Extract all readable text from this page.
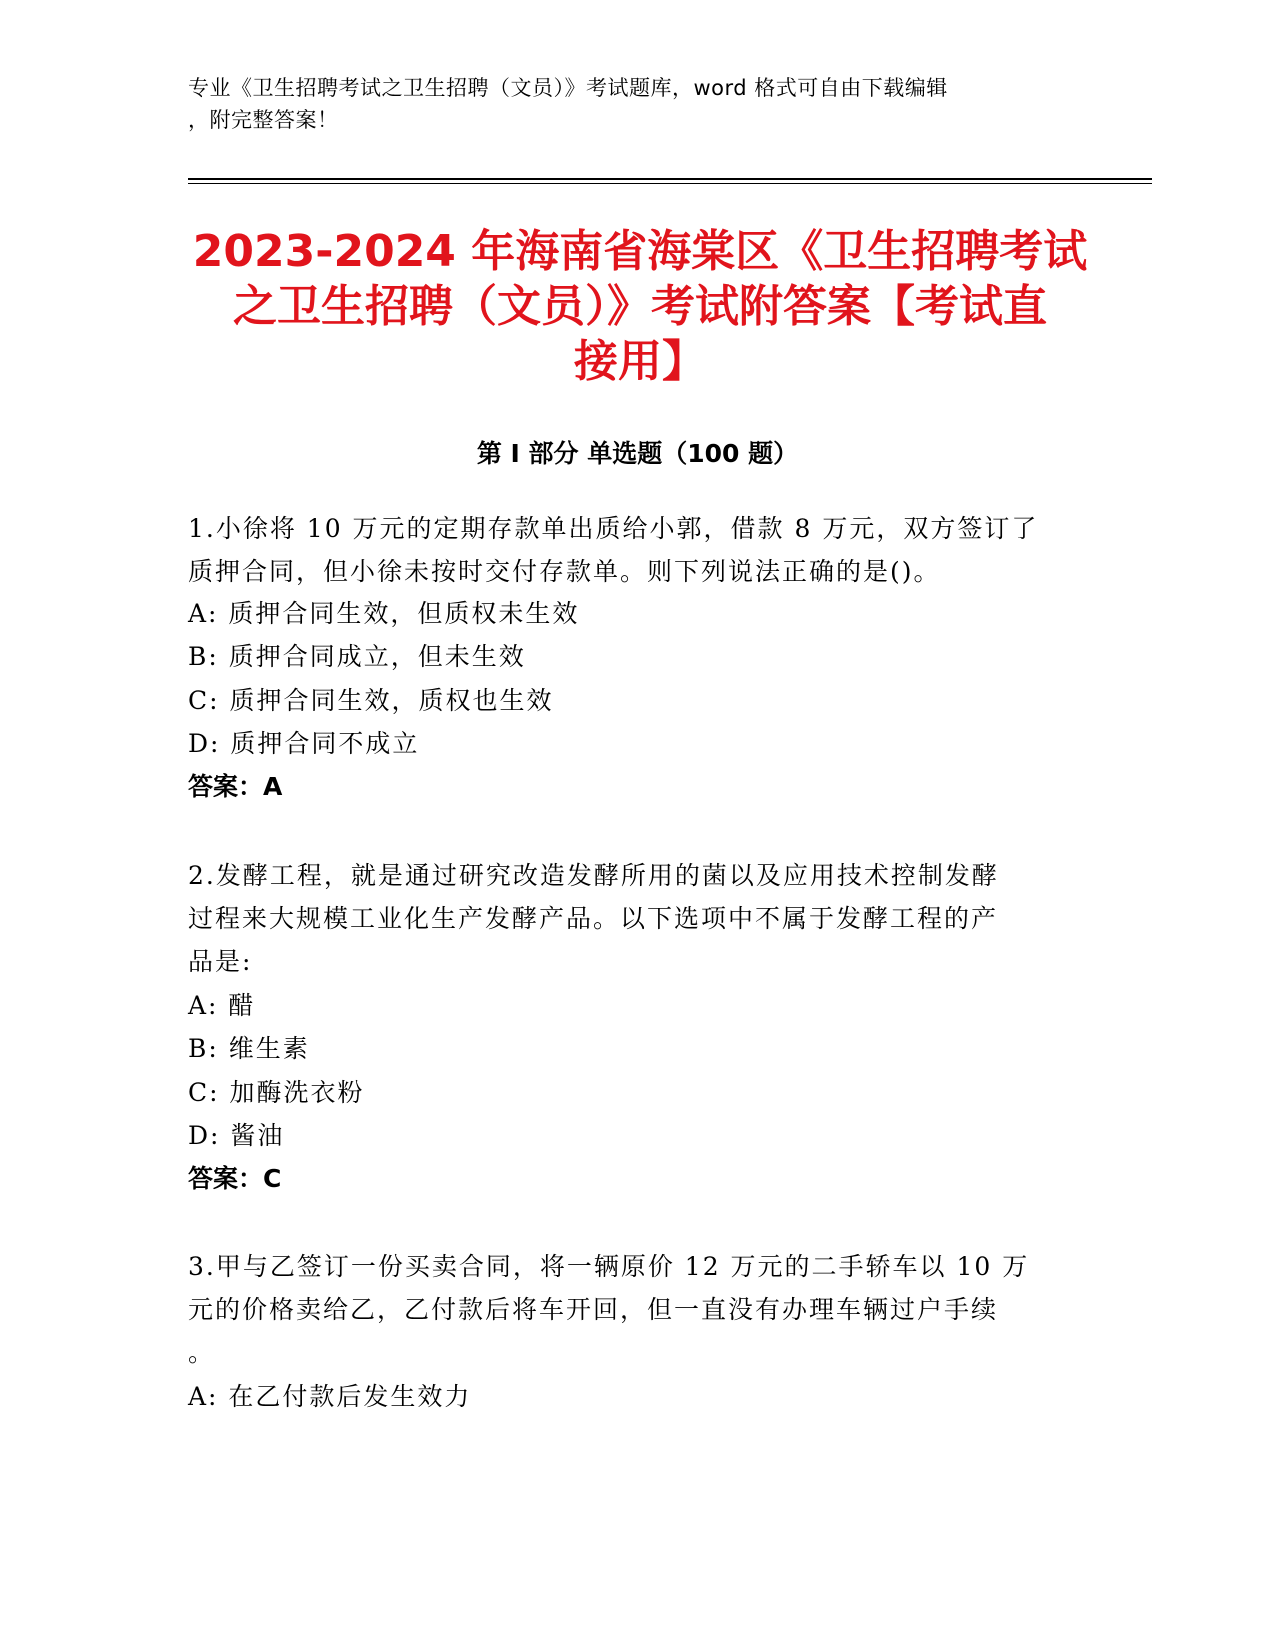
专业《卫生招聘考试之卫生招聘（文员）》考试题库，word 格式可自由下载编辑
，附完整答案！
2023-2024 年海南省海棠区《卫生招聘考试
之卫生招聘（文员）》考试附答案【考试直
接用】
第 I 部分 单选题（100 题）
1.小徐将 10 万元的定期存款单出质给小郭，借款 8 万元，双方签订了
质押合同，但小徐未按时交付存款单。则下列说法正确的是()。
A: 质押合同生效，但质权未生效
B: 质押合同成立，但未生效
C: 质押合同生效，质权也生效
D: 质押合同不成立
答案：A
2.发酵工程，就是通过研究改造发酵所用的菌以及应用技术控制发酵
过程来大规模工业化生产发酵产品。以下选项中不属于发酵工程的产
品是:
A: 醋
B: 维生素
C: 加酶洗衣粉
D: 酱油
答案：C
3.甲与乙签订一份买卖合同，将一辆原价 12 万元的二手轿车以 10 万
元的价格卖给乙，乙付款后将车开回，但一直没有办理车辆过户手续
。
A: 在乙付款后发生效力
